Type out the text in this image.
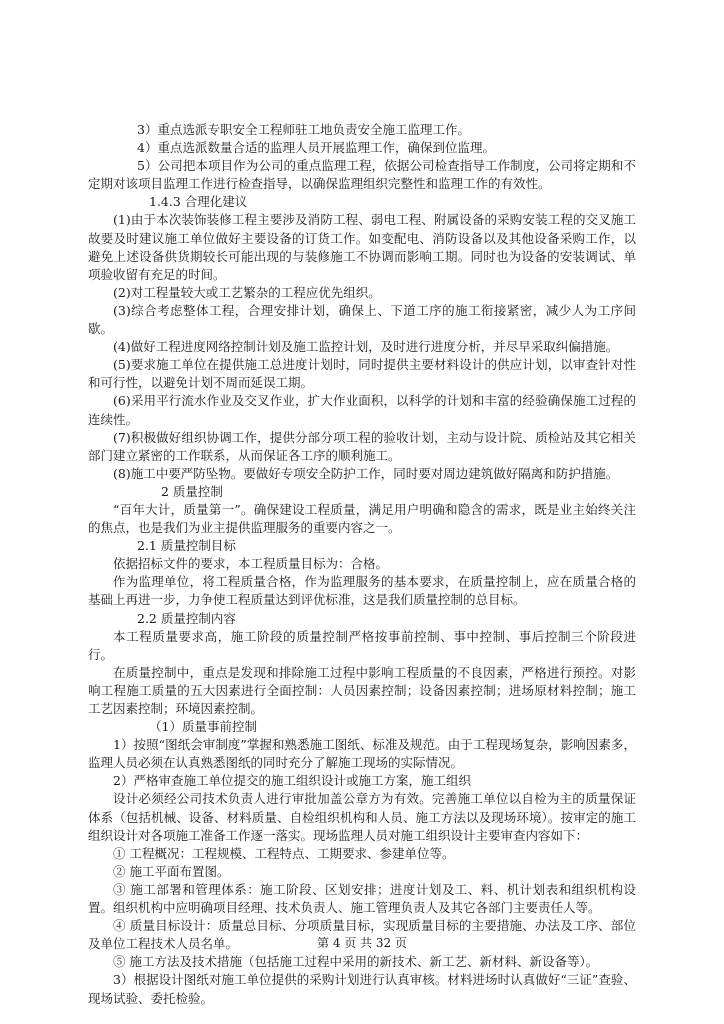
3）重点选派专职安全工程师驻工地负责安全施工监理工作。

4）重点选派数量合适的监理人员开展监理工作，确保到位监理。

5）公司把本项目作为公司的重点监理工程，依据公司检查指导工作制度，公司将定期和不定期对该项目监理工作进行检查指导，以确保监理组织完整性和监理工作的有效性。

1.4.3 合理化建议

(1)由于本次装饰装修工程主要涉及消防工程、弱电工程、附属设备的采购安装工程的交叉施工故要及时建议施工单位做好主要设备的订货工作。如变配电、消防设备以及其他设备采购工作，以避免上述设备供货期较长可能出现的与装修施工不协调而影响工期。同时也为设备的安装调试、单项验收留有充足的时间。

(2)对工程量较大或工艺繁杂的工程应优先组织。

(3)综合考虑整体工程，合理安排计划，确保上、下道工序的施工衔接紧密，减少人为工序间歇。

(4)做好工程进度网络控制计划及施工监控计划，及时进行进度分析，并尽早采取纠偏措施。

(5)要求施工单位在提供施工总进度计划时，同时提供主要材料设计的供应计划，以审查针对性和可行性，以避免计划不周而延误工期。

(6)采用平行流水作业及交叉作业，扩大作业面积，以科学的计划和丰富的经验确保施工过程的连续性。

(7)积极做好组织协调工作，提供分部分项工程的验收计划，主动与设计院、质检站及其它相关部门建立紧密的工作联系，从而保证各工序的顺利施工。

(8)施工中要严防坠物。要做好专项安全防护工作，同时要对周边建筑做好隔离和防护措施。

2 质量控制

“百年大计，质量第一”。确保建设工程质量，满足用户明确和隐含的需求，既是业主始终关注的焦点，也是我们为业主提供监理服务的重要内容之一。

2.1 质量控制目标

依据招标文件的要求，本工程质量目标为：合格。

作为监理单位，将工程质量合格，作为监理服务的基本要求，在质量控制上，应在质量合格的基础上再进一步，力争使工程质量达到评优标准，这是我们质量控制的总目标。

2.2 质量控制内容

本工程质量要求高，施工阶段的质量控制严格按事前控制、事中控制、事后控制三个阶段进行。

在质量控制中，重点是发现和排除施工过程中影响工程质量的不良因素，严格进行预控。对影响工程施工质量的五大因素进行全面控制：人员因素控制；设备因素控制；进场原材料控制；施工工艺因素控制；环境因素控制。

（1）质量事前控制

1）按照“图纸会审制度”掌握和熟悉施工图纸、标准及规范。由于工程现场复杂，影响因素多，监理人员必须在认真熟悉图纸的同时充分了解施工现场的实际情况。

2）严格审查施工单位提交的施工组织设计或施工方案，施工组织

设计必须经公司技术负责人进行审批加盖公章方为有效。完善施工单位以自检为主的质量保证体系（包括机械、设备、材料质量、自检组织机构和人员、施工方法以及现场环境）。按审定的施工组织设计对各项施工准备工作逐一落实。现场监理人员对施工组织设计主要审查内容如下：

① 工程概况：工程规模、工程特点、工期要求、参建单位等。

② 施工平面布置图。

③ 施工部署和管理体系：施工阶段、区划安排；进度计划及工、料、机计划表和组织机构设置。组织机构中应明确项目经理、技术负责人、施工管理负责人及其它各部门主要责任人等。

④ 质量目标设计：质量总目标、分项质量目标，实现质量目标的主要措施、办法及工序、部位及单位工程技术人员名单。

⑤ 施工方法及技术措施（包括施工过程中采用的新技术、新工艺、新材料、新设备等）。

3）根据设计图纸对施工单位提供的采购计划进行认真审核。材料进场时认真做好“三证”查验、现场试验、委托检验。

第 4 页 共 32 页
